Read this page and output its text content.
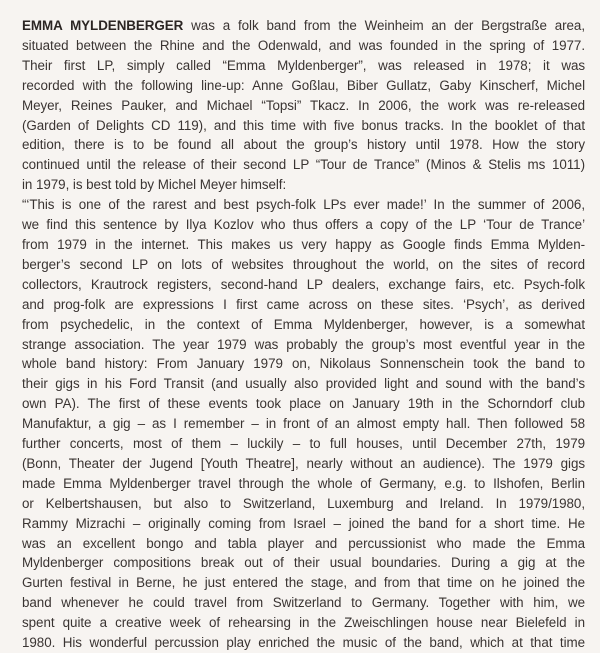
EMMA MYLDENBERGER was a folk band from the Weinheim an der Bergstraße area,
situated between the Rhine and the Odenwald, and was founded in the spring of 1977.
Their first LP, simply called “Emma Myldenberger”, was released in 1978; it was
recorded with the following line-up: Anne Goßlau, Biber Gullatz, Gaby Kinscherf, Michel
Meyer, Reines Pauker, and Michael “Topsi” Tkacz. In 2006, the work was re-released
(Garden of Delights CD 119), and this time with five bonus tracks. In the booklet of that
edition, there is to be found all about the group’s history until 1978. How the story
continued until the release of their second LP “Tour de Trance” (Minos & Stelis ms 1011)
in 1979, is best told by Michel Meyer himself:
“‘This is one of the rarest and best psych-folk LPs ever made!’ In the summer of 2006,
we find this sentence by Ilya Kozlov who thus offers a copy of the LP ‘Tour de Trance’
from 1979 in the internet. This makes us very happy as Google finds Emma Mylden-
berger’s second LP on lots of websites throughout the world, on the sites of record
collectors, Krautrock registers, second-hand LP dealers, exchange fairs, etc. Psych-folk
and prog-folk are expressions I first came across on these sites. ‘Psych’, as derived
from psychedelic, in the context of Emma Myldenberger, however, is a somewhat
strange association. The year 1979 was probably the group’s most eventful year in the
whole band history: From January 1979 on, Nikolaus Sonnenschein took the band to
their gigs in his Ford Transit (and usually also provided light and sound with the band’s
own PA). The first of these events took place on January 19th in the Schorndorf club
Manufaktur, a gig – as I remember – in front of an almost empty hall. Then followed 58
further concerts, most of them – luckily – to full houses, until December 27th, 1979
(Bonn, Theater der Jugend [Youth Theatre], nearly without an audience). The 1979 gigs
made Emma Myldenberger travel through the whole of Germany, e.g. to Ilshofen, Berlin
or Kelbertshausen, but also to Switzerland, Luxemburg and Ireland. In 1979/1980,
Rammy Mizrachi – originally coming from Israel – joined the band for a short time. He
was an excellent bongo and tabla player and percussionist who made the Emma
Myldenberger compositions break out of their usual boundaries. During a gig at the
Gurten festival in Berne, he just entered the stage, and from that time on he joined the
band whenever he could travel from Switzerland to Germany. Together with him, we
spent quite a creative week of rehearsing in the Zweischlingen house near Bielefeld in
1980. His wonderful percussion play enriched the music of the band, which at that time
